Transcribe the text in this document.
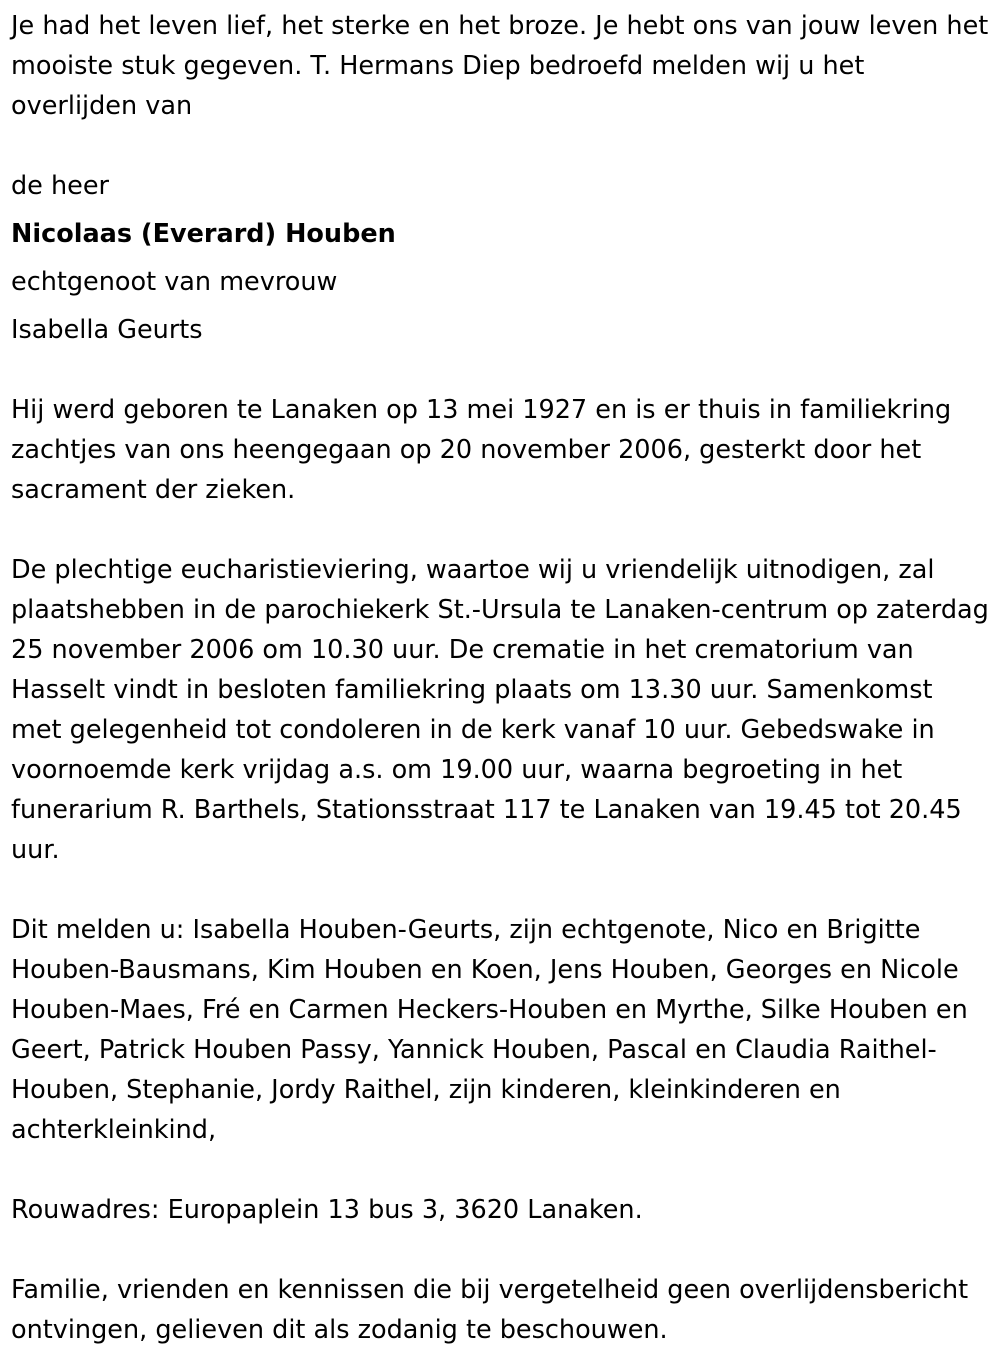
Je had het leven lief, het sterke en het broze. Je hebt ons van jouw leven het mooiste stuk gegeven. T. Hermans Diep bedroefd melden wij u het overlijden van

de heer

Nicolaas (Everard) Houben

echtgenoot van mevrouw

Isabella Geurts

Hij werd geboren te Lanaken op 13 mei 1927 en is er thuis in familiekring zachtjes van ons heengegaan op 20 november 2006, gesterkt door het sacrament der zieken.

De plechtige eucharistieviering, waartoe wij u vriendelijk uitnodigen, zal plaatshebben in de parochiekerk St.-Ursula te Lanaken-centrum op zaterdag 25 november 2006 om 10.30 uur. De crematie in het crematorium van Hasselt vindt in besloten familiekring plaats om 13.30 uur. Samenkomst met gelegenheid tot condoleren in de kerk vanaf 10 uur. Gebedswake in voornoemde kerk vrijdag a.s. om 19.00 uur, waarna begroeting in het funerarium R. Barthels, Stationsstraat 117 te Lanaken van 19.45 tot 20.45 uur.

Dit melden u: Isabella Houben-Geurts, zijn echtgenote, Nico en Brigitte Houben-Bausmans, Kim Houben en Koen, Jens Houben, Georges en Nicole Houben-Maes, Fré en Carmen Heckers-Houben en Myrthe, Silke Houben en Geert, Patrick Houben Passy, Yannick Houben, Pascal en Claudia Raithel-Houben, Stephanie, Jordy Raithel, zijn kinderen, kleinkinderen en achterkleinkind,

Rouwadres: Europaplein 13 bus 3, 3620 Lanaken.

Familie, vrienden en kennissen die bij vergetelheid geen overlijdensbericht ontvingen, gelieven dit als zodanig te beschouwen.
